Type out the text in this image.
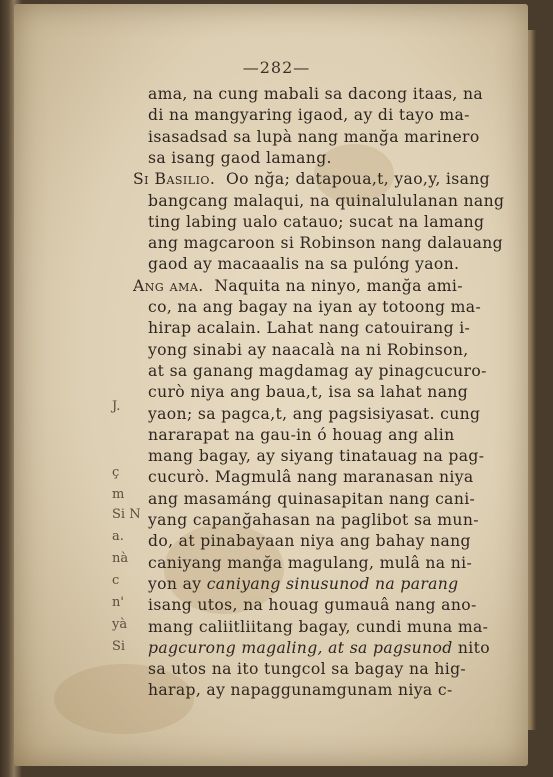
—282—
ama, na cung mabali sa dacong itaas, na
di na mangyaring igaod, ay di tayo ma-
isasadsad sa lupà nang manğa marinero
sa isang gaod lamang.
Si Basilio. Oo nğa; datapoua,t, yao,y, isang
bangcang malaqui, na quinalululanan nang
ting labing ualo catauo; sucat na lamang
ang magcaroon si Robinson nang dalauang
gaod ay macaaalis na sa pulóng yaon.
Ang ama. Naquita na ninyo, manğa ami-
co, na ang bagay na iyan ay totoong ma-
hirap acalain. Lahat nang catouirang i-
yong sinabi ay naacalà na ni Robinson,
at sa ganang magdamag ay pinagcucuro-
curò niya ang baua,t, isa sa lahat nang
yaon; sa pagca,t, ang pagsisiyasat. cung
nararapat na gau-in ó houag ang alin
mang bagay, ay siyang tinatauag na pag-
cucurò. Magmulâ nang maranasan niya
ang masamáng quinasapitan nang cani-
yang capanğahasan na paglibot sa mun-
do, at pinabayaan niya ang bahay nang
caniyang manğa magulang, mulâ na ni-
yon ay caniyang sinusunod na parang
isang utos, na houag gumauâ nang ano-
mang caliitliitang bagay, cundi muna ma-
pagcurong magaling, at sa pagsunod nito
sa utos na ito tungcol sa bagay na hig-
harap, ay napaggunamgunam niya c-
J.
ç
m
Si N
a.
nà
c
n'
yà
Si
